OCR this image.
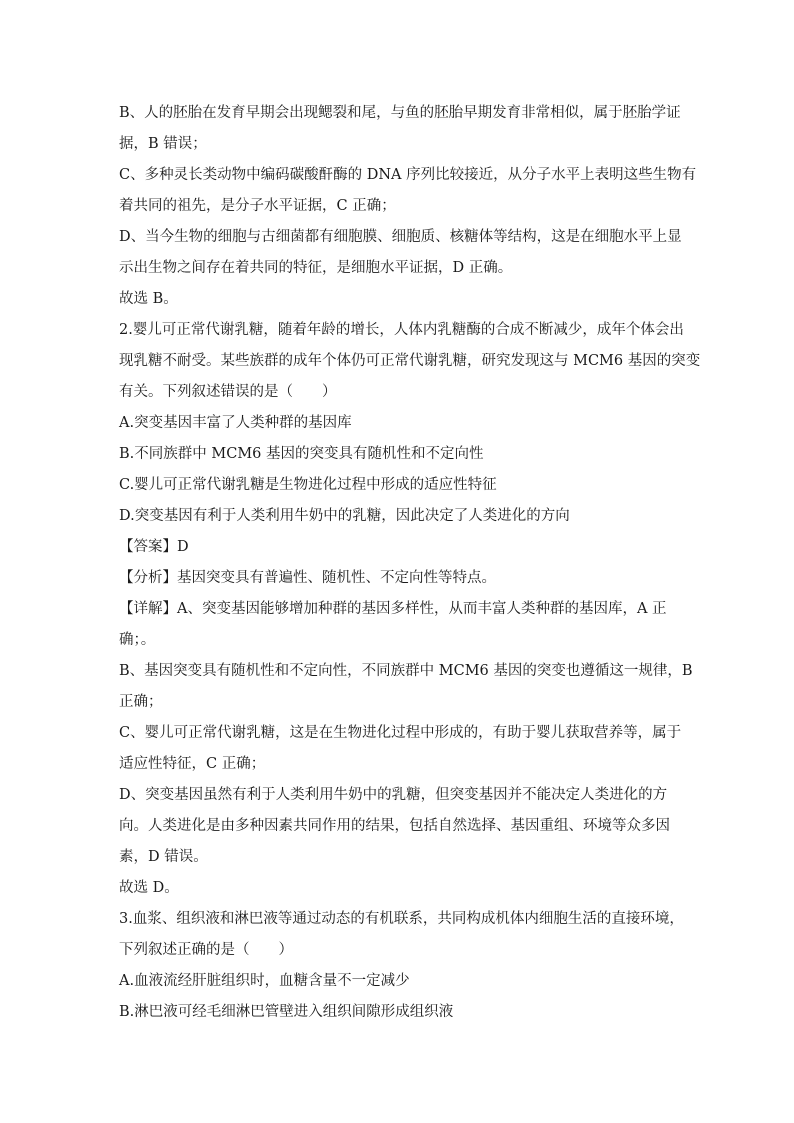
B、人的胚胎在发育早期会出现鳃裂和尾，与鱼的胚胎早期发育非常相似，属于胚胎学证
据，B 错误；
C、多种灵长类动物中编码碳酸酐酶的 DNA 序列比较接近，从分子水平上表明这些生物有
着共同的祖先，是分子水平证据，C 正确；
D、当今生物的细胞与古细菌都有细胞膜、细胞质、核糖体等结构，这是在细胞水平上显
示出生物之间存在着共同的特征，是细胞水平证据，D 正确。
故选 B。
2.婴儿可正常代谢乳糖，随着年龄的增长，人体内乳糖酶的合成不断减少，成年个体会出
现乳糖不耐受。某些族群的成年个体仍可正常代谢乳糖，研究发现这与 MCM6 基因的突变
有关。下列叙述错误的是（　　）
A.突变基因丰富了人类种群的基因库
B.不同族群中 MCM6 基因的突变具有随机性和不定向性
C.婴儿可正常代谢乳糖是生物进化过程中形成的适应性特征
D.突变基因有利于人类利用牛奶中的乳糖，因此决定了人类进化的方向
【答案】D
【分析】基因突变具有普遍性、随机性、不定向性等特点。
【详解】A、突变基因能够增加种群的基因多样性，从而丰富人类种群的基因库，A 正
确；。
B、基因突变具有随机性和不定向性，不同族群中 MCM6 基因的突变也遵循这一规律，B
正确；
C、婴儿可正常代谢乳糖，这是在生物进化过程中形成的，有助于婴儿获取营养等，属于
适应性特征，C 正确；
D、突变基因虽然有利于人类利用牛奶中的乳糖，但突变基因并不能决定人类进化的方
向。人类进化是由多种因素共同作用的结果，包括自然选择、基因重组、环境等众多因
素，D 错误。
故选 D。
3.血浆、组织液和淋巴液等通过动态的有机联系，共同构成机体内细胞生活的直接环境，
下列叙述正确的是（　　）
A.血液流经肝脏组织时，血糖含量不一定减少
B.淋巴液可经毛细淋巴管壁进入组织间隙形成组织液
